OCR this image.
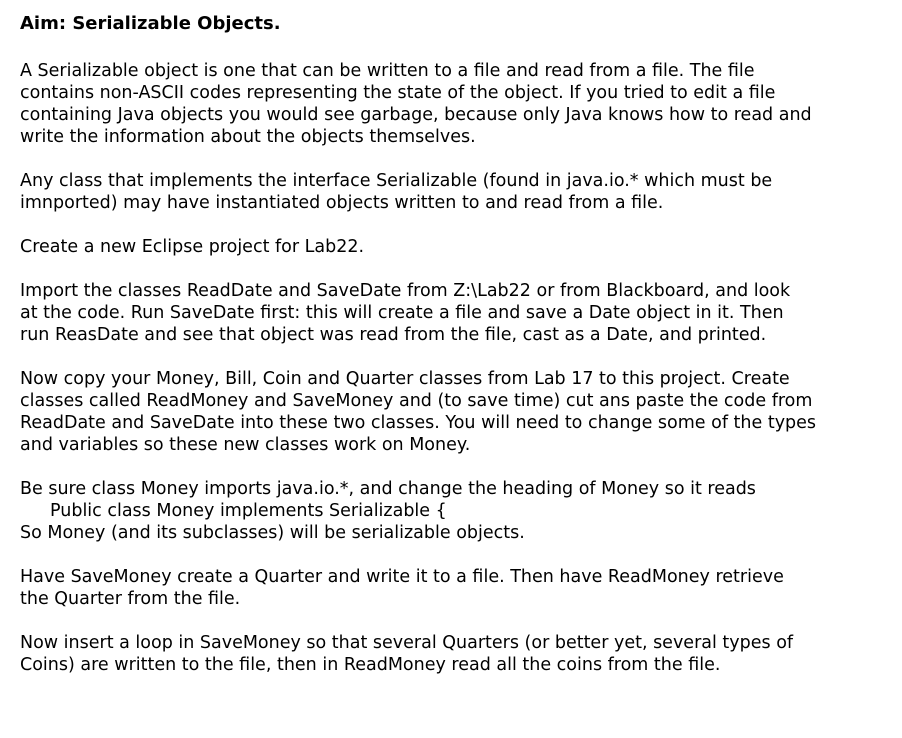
Aim: Serializable Objects.
A Serializable object is one that can be written to a file and read from a file. The file
contains non-ASCII codes representing the state of the object. If you tried to edit a file
containing Java objects you would see garbage, because only Java knows how to read and
write the information about the objects themselves.
Any class that implements the interface Serializable (found in java.io.* which must be
imnported) may have instantiated objects written to and read from a file.
Create a new Eclipse project for Lab22.
Import the classes ReadDate and SaveDate from Z:\Lab22 or from Blackboard, and look
at the code. Run SaveDate first: this will create a file and save a Date object in it. Then
run ReasDate and see that object was read from the file, cast as a Date, and printed.
Now copy your Money, Bill, Coin and Quarter classes from Lab 17 to this project. Create
classes called ReadMoney and SaveMoney and (to save time) cut ans paste the code from
ReadDate and SaveDate into these two classes. You will need to change some of the types
and variables so these new classes work on Money.
Be sure class Money imports java.io.*, and change the heading of Money so it reads
Public class Money implements Serializable {
So Money (and its subclasses) will be serializable objects.
Have SaveMoney create a Quarter and write it to a file. Then have ReadMoney retrieve
the Quarter from the file.
Now insert a loop in SaveMoney so that several Quarters (or better yet, several types of
Coins) are written to the file, then in ReadMoney read all the coins from the file.
